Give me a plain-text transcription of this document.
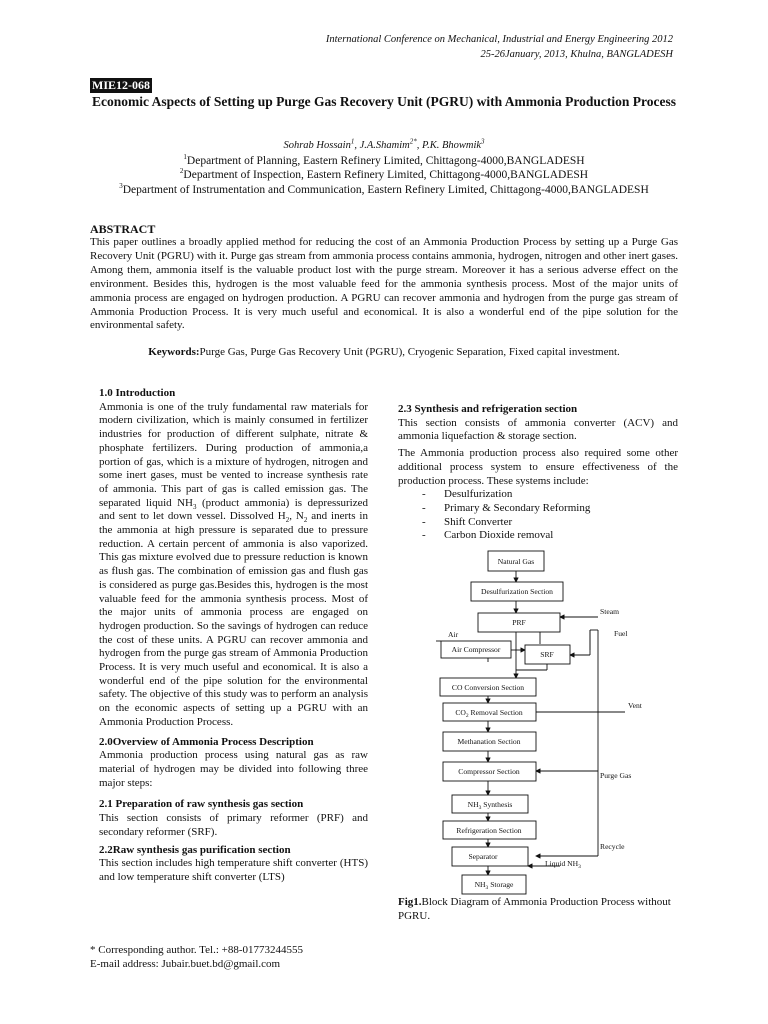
International Conference on Mechanical, Industrial and Energy Engineering 2012
25-26January, 2013, Khulna, BANGLADESH
MIE12-068
Economic Aspects of Setting up Purge Gas Recovery Unit (PGRU) with Ammonia Production Process
Sohrab Hossain$^1$, J.A.Shamim$^{2*}$, P.K. Bhowmik$^3$
$^1$Department of Planning, Eastern Refinery Limited, Chittagong-4000,BANGLADESH
$^2$Department of Inspection, Eastern Refinery Limited, Chittagong-4000,BANGLADESH
$^3$Department of Instrumentation and Communication, Eastern Refinery Limited, Chittagong-4000,BANGLADESH
ABSTRACT
This paper outlines a broadly applied method for reducing the cost of an Ammonia Production Process by setting up a Purge Gas Recovery Unit (PGRU) with it. Purge gas stream from ammonia process contains ammonia, hydrogen, nitrogen and other inert gases. Among them, ammonia itself is the valuable product lost with the purge stream. Moreover it has a serious adverse effect on the environment. Besides this, hydrogen is the most valuable feed for the ammonia synthesis process. Most of the major units of ammonia process are engaged on hydrogen production. A PGRU can recover ammonia and hydrogen from the purge gas stream of Ammonia Production Process. It is very much useful and economical. It is also a wonderful end of the pipe solution for the environmental safety.
Keywords:Purge Gas, Purge Gas Recovery Unit (PGRU), Cryogenic Separation, Fixed capital investment.
1.0 Introduction

Ammonia is one of the truly fundamental raw materials for modern civilization, which is mainly consumed in fertilizer industries for production of different sulphate, nitrate & phosphate fertilizers. During production of ammonia,a portion of gas, which is a mixture of hydrogen, nitrogen and some inert gases, must be vented to increase synthesis rate of ammonia. This part of gas is called emission gas. The separated liquid $NH_3$ (product ammonia) is depressurized and sent to let down vessel. Dissolved $H_2$, $N_2$ and inerts in the ammonia at high pressure is separated due to pressure reduction. A certain percent of ammonia is also vaporized. This gas mixture evolved due to pressure reduction is known as flush gas. The combination of emission gas and flush gas is considered as purge gas.Besides this, hydrogen is the most valuable feed for the ammonia synthesis process. Most of the major units of ammonia process are engaged on hydrogen production. So the savings of hydrogen can reduce the cost of these units. A PGRU can recover ammonia and hydrogen from the purge gas stream of Ammonia Production Process. It is very much useful and economical. It is also a wonderful end of the pipe solution for the environmental safety. The objective of this study was to perform an analysis on the economic aspects of setting up a PGRU with an Ammonia Production Process.

2.0Overview of Ammonia Process Description

Ammonia production process using natural gas as raw material of hydrogen may be divided into following three major steps:

2.1 Preparation of raw synthesis gas section

This section consists of primary reformer (PRF) and secondary reformer (SRF).

2.2Raw synthesis gas purification section

This section includes high temperature shift converter (HTS) and low temperature shift converter (LTS)

2.3 Synthesis and refrigeration section

This section consists of ammonia converter (ACV) and ammonia liquefaction & storage section.

The Ammonia production process also required some other additional process system to ensure effectiveness of the production process. These systems include:

- Desulfurization
- Primary & Secondary Reforming
- Shift Converter
- Carbon Dioxide removal
Natural Gas
Desulfurization Section
PRF
Steam
Fuel
Air
Air Compressor
SRF
CO Conversion Section
$CO_2$ Removal Section
Vent
Methanation Section
Compressor Section	Purge Gas
$NH_3$ Synthesis
Refrigeration Section
Recycle
Separator
Liquid $NH_3$
$NH_3$ Storage
Fig1.Block Diagram of Ammonia Production Process without PGRU.
* Corresponding author. Tel.: +88-01773244555
E-mail address: Jubair.buet.bd@gmail.com
